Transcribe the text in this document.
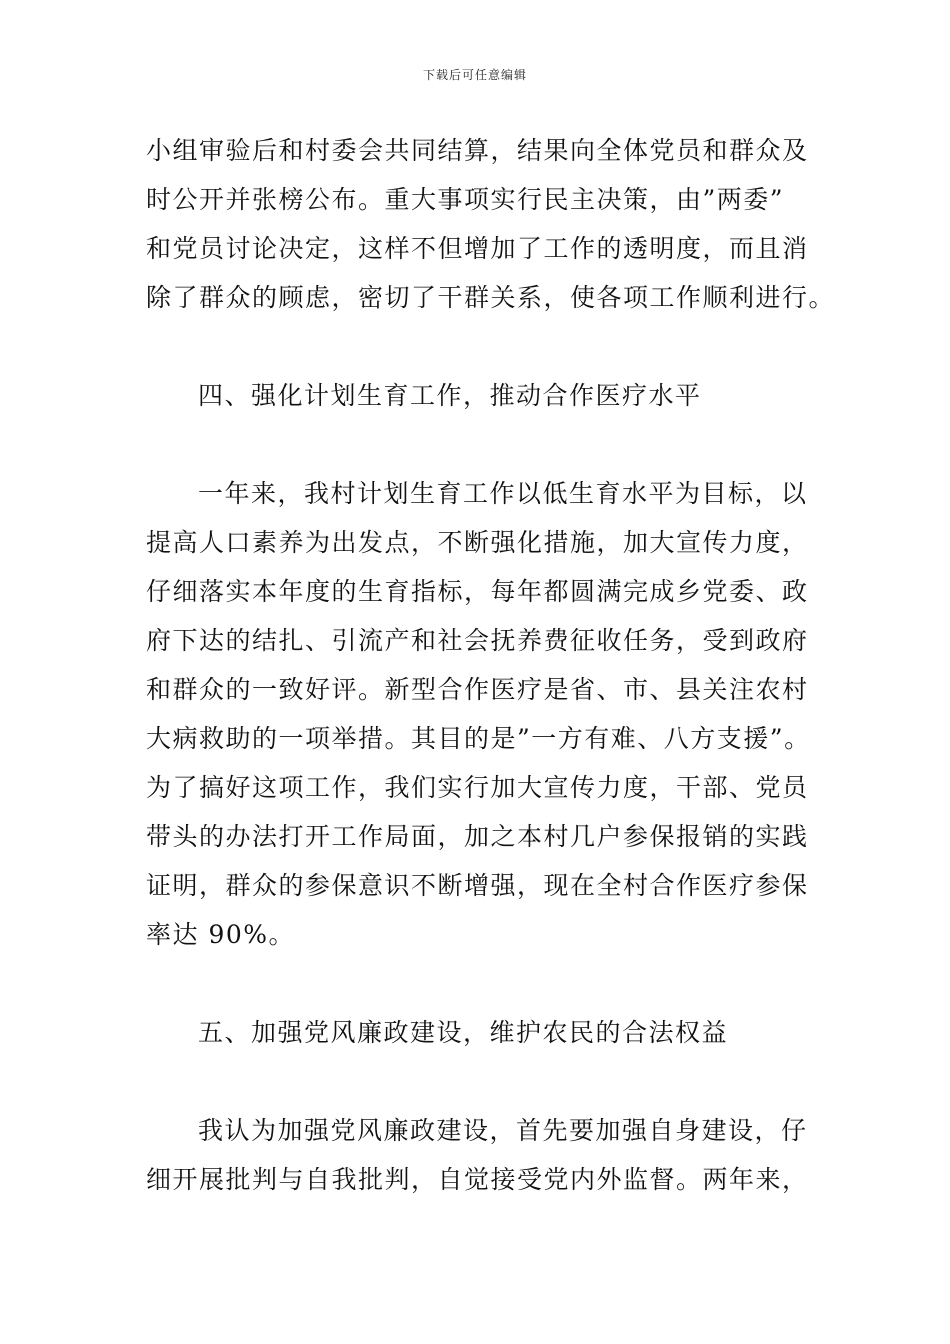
下载后可任意编辑
小组审验后和村委会共同结算，结果向全体党员和群众及
时公开并张榜公布。重大事项实行民主决策，由”两委”
和党员讨论决定，这样不但增加了工作的透明度，而且消
除了群众的顾虑，密切了干群关系，使各项工作顺利进行。
四、强化计划生育工作，推动合作医疗水平
一年来，我村计划生育工作以低生育水平为目标，以
提高人口素养为出发点，不断强化措施，加大宣传力度，
仔细落实本年度的生育指标，每年都圆满完成乡党委、政
府下达的结扎、引流产和社会抚养费征收任务，受到政府
和群众的一致好评。新型合作医疗是省、市、县关注农村
大病救助的一项举措。其目的是”一方有难、八方支援”。
为了搞好这项工作，我们实行加大宣传力度，干部、党员
带头的办法打开工作局面，加之本村几户参保报销的实践
证明，群众的参保意识不断增强，现在全村合作医疗参保
率达 90%。
五、加强党风廉政建设，维护农民的合法权益
我认为加强党风廉政建设，首先要加强自身建设，仔
细开展批判与自我批判，自觉接受党内外监督。两年来，
